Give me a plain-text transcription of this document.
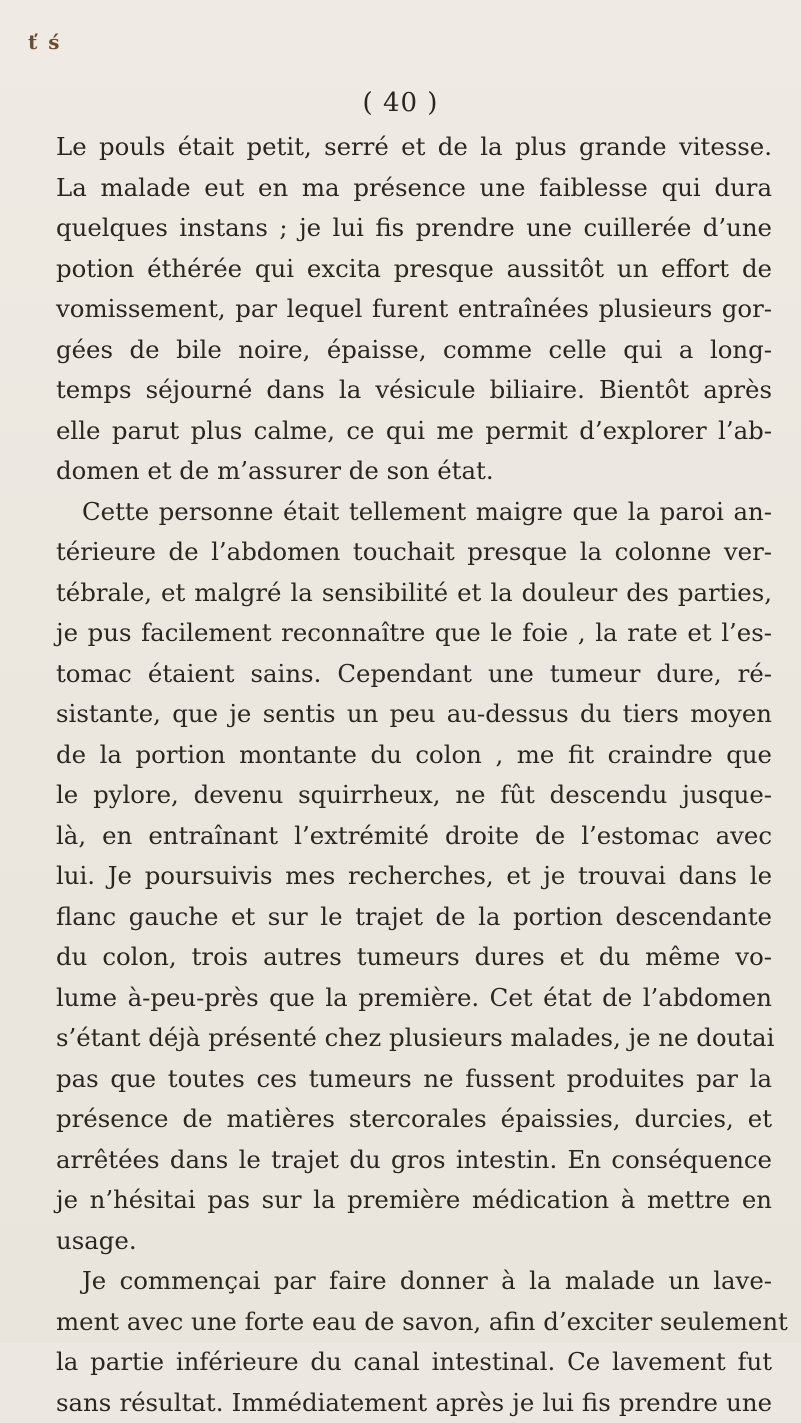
ť ś
( 40 )
Le pouls était petit, serré et de la plus grande vitesse.
La malade eut en ma présence une faiblesse qui dura
quelques instans ; je lui fis prendre une cuillerée d’une
potion éthérée qui excita presque aussitôt un effort de
vomissement, par lequel furent entraînées plusieurs gor-
gées de bile noire, épaisse, comme celle qui a long-
temps séjourné dans la vésicule biliaire. Bientôt après
elle parut plus calme, ce qui me permit d’explorer l’ab-
domen et de m’assurer de son état.
Cette personne était tellement maigre que la paroi an-
térieure de l’abdomen touchait presque la colonne ver-
tébrale, et malgré la sensibilité et la douleur des parties,
je pus facilement reconnaître que le foie , la rate et l’es-
tomac étaient sains. Cependant une tumeur dure, ré-
sistante, que je sentis un peu au-dessus du tiers moyen
de la portion montante du colon , me fit craindre que
le pylore, devenu squirrheux, ne fût descendu jusque-
là, en entraînant l’extrémité droite de l’estomac avec
lui. Je poursuivis mes recherches, et je trouvai dans le
flanc gauche et sur le trajet de la portion descendante
du colon, trois autres tumeurs dures et du même vo-
lume à-peu-près que la première. Cet état de l’abdomen
s’étant déjà présenté chez plusieurs malades, je ne doutai
pas que toutes ces tumeurs ne fussent produites par la
présence de matières stercorales épaissies, durcies, et
arrêtées dans le trajet du gros intestin. En conséquence
je n’hésitai pas sur la première médication à mettre en
usage.
Je commençai par faire donner à la malade un lave-
ment avec une forte eau de savon, afin d’exciter seulement
la partie inférieure du canal intestinal. Ce lavement fut
sans résultat. Immédiatement après je lui fis prendre une
